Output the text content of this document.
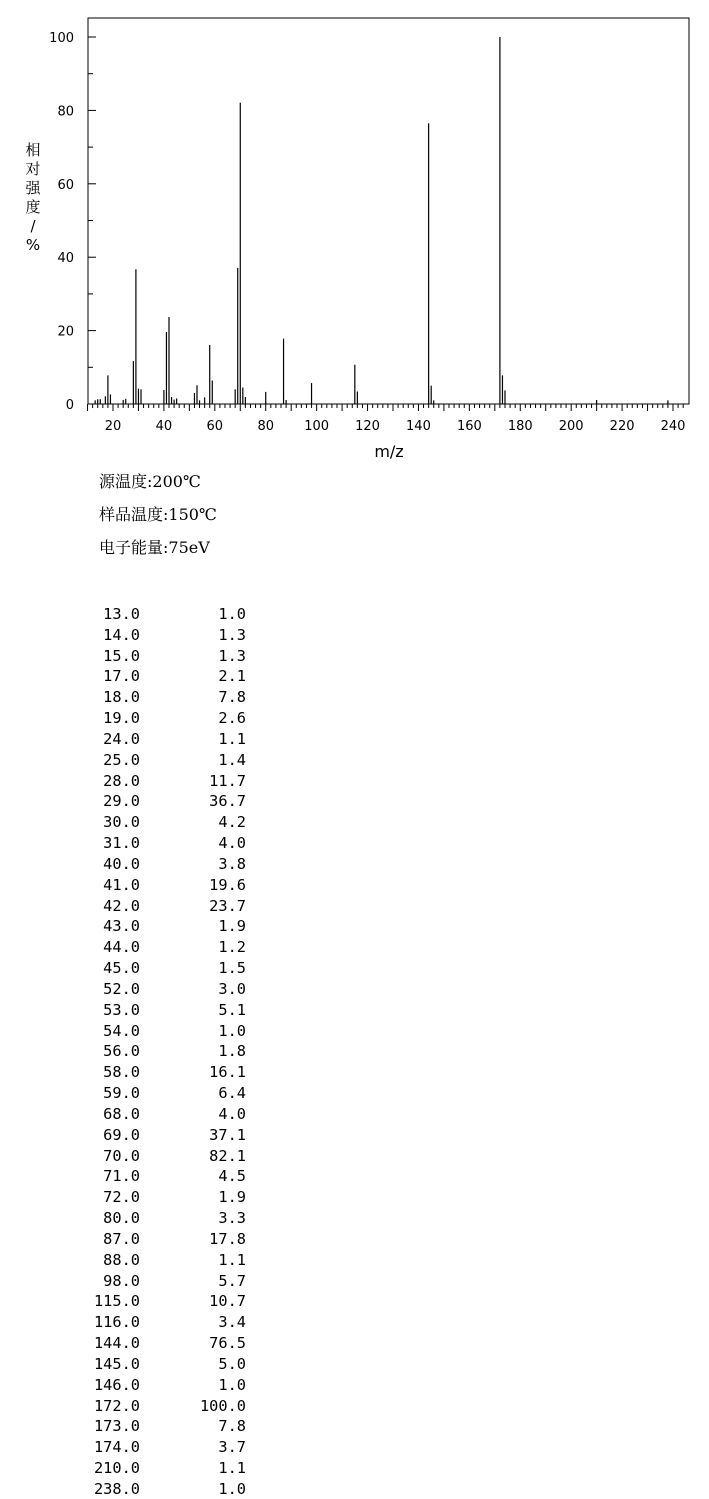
0
20
40
60
80
100
20	40	60	80 100 120 140 160 180 200 220 240
相对强度/ %
m/z
源温度:200℃
样品温度:150℃
电子能量:75eV
13.0	1.0
14.0	1.3
15.0	1.3
17.0	2.1
18.0	7.8
19.0	2.6
24.0	1.1
25.0	1.4
28.0	11.7
29.0	36.7
30.0	4.2
31.0	4.0
40.0	3.8
41.0	19.6
42.0	23.7
43.0	1.9
44.0	1.2
45.0	1.5
52.0	3.0
53.0	5.1
54.0	1.0
56.0	1.8
58.0	16.1
59.0	6.4
68.0	4.0
69.0	37.1
70.0	82.1
71.0	4.5
72.0	1.9
80.0	3.3
87.0	17.8
88.0	1.1
98.0	5.7
115.0	10.7
116.0	3.4
144.0	76.5
145.0	5.0
146.0	1.0
172.0	100.0
173.0	7.8
174.0	3.7
210.0	1.1
238.0	1.0
